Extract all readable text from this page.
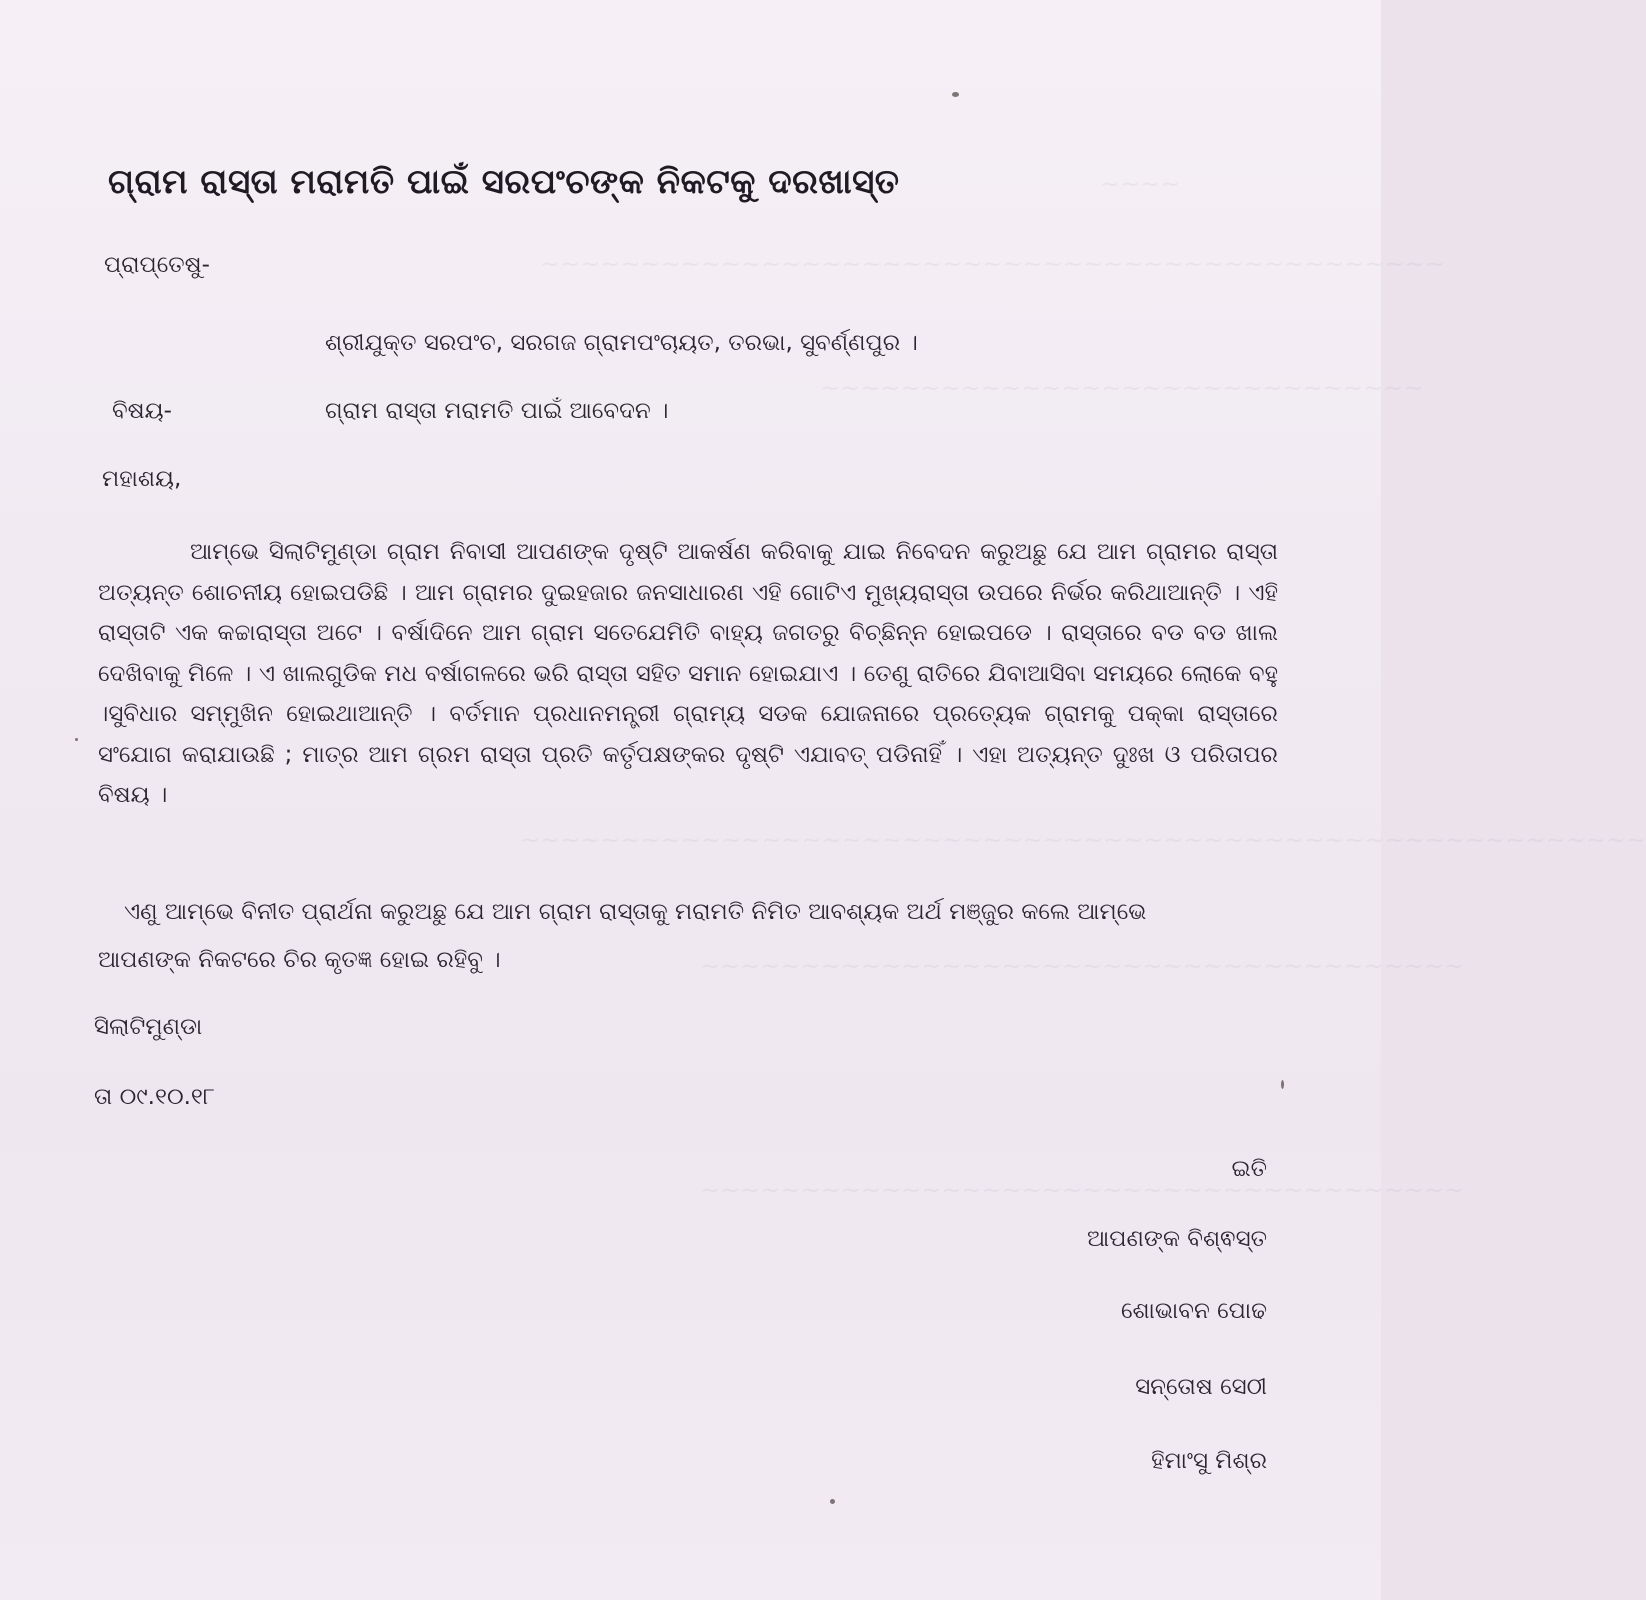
~~~~
~~~~~~~~~~~~~~~~~~~~~~~~~~~~~~~~~~~~~~~~~~~~~
~~~~~~~~~~~~~~~~~~~~~~~~~~~~~~
~~~~~~~~~~~~~~~~~~~~~~~~~~~~~~~~~~~~~~~~~~~~~~~~~~~~~~~~
~~~~~~~~~~~~~~~~~~~~~~~~~~~~~~~~~~~~~~
~~~~~~~~~~~~~~~~~~~~~~~~~~~~~~~~~~~~~~
ଗ୍ରାମ ରାସ୍ତା ମରାମତି ପାଇଁ ସରପଂଚଙ୍କ ନିକଟକୁ ଦରଖାସ୍ତ
ପ୍ରାପ୍ତେଷୁ-
ଶ୍ରୀଯୁକ୍ତ ସରପଂଚ, ସରଗଜ ଗ୍ରାମପଂଚାୟତ, ତରଭା, ସୁବର୍ଣ୍ଣପୁର ।
ବିଷୟ-	ଗ୍ରାମ ରାସ୍ତା ମରାମତି ପାଇଁ ଆବେଦନ ।
ମହାଶୟ,
ଆମ୍ଭେ ସିଲାଟିମୁଣ୍ଡା ଗ୍ରାମ ନିବାସୀ ଆପଣଙ୍କ ଦୃଷ୍ଟି ଆକର୍ଷଣ କରିବାକୁ ଯାଇ ନିବେଦନ କରୁଅଛୁ ଯେ ଆମ ଗ୍ରାମର ରାସ୍ତା ଅତ୍ୟନ୍ତ ଶୋଚନୀୟ ହୋଇପଡିଛି । ଆମ ଗ୍ରାମର ଦୁଇହଜାର ଜନସାଧାରଣ ଏହି ଗୋଟିଏ ମୁଖ୍ୟରାସ୍ତା ଉପରେ ନିର୍ଭର କରିଥାଆନ୍ତି । ଏହି ରାସ୍ତାଟି ଏକ କଚ୍ଚାରାସ୍ତା ଅଟେ । ବର୍ଷାଦିନେ ଆମ ଗ୍ରାମ ସତେଯେମିତି ବାହ୍ୟ ଜଗତରୁ ବିଚ୍ଛିନ୍ନ ହୋଇପଡେ । ରାସ୍ତାରେ ବଡ ବଡ ଖାଲ ଦେଖିବାକୁ ମିଳେ । ଏ ଖାଲଗୁଡିକ ମଧ ବର୍ଷାଗଳରେ ଭରି ରାସ୍ତା ସହିତ ସମାନ ହୋଇଯାଏ । ତେଣୁ ରାତିରେ ଯିବାଆସିବା ସମୟରେ ଲୋକେ ବହୁ ।ସୁବିଧାର ସମ୍ମୁଖିନ ହୋଇଥାଆନ୍ତି । ବର୍ତମାନ ପ୍ରଧାନମନ୍ତ୍ରୀ ଗ୍ରାମ୍ୟ ସଡକ ଯୋଜନାରେ ପ୍ରତ୍ୟେକ ଗ୍ରାମକୁ ପକ୍କା ରାସ୍ତାରେ ସଂଯୋଗ କରାଯାଉଛି ; ମାତ୍ର ଆମ ଗ୍ରମ ରାସ୍ତା ପ୍ରତି କର୍ତୃପକ୍ଷଙ୍କର ଦୃଷ୍ଟି ଏଯାବତ୍ ପଡିନାହିଁ । ଏହା ଅତ୍ୟନ୍ତ ଦୁଃଖ ଓ ପରିତାପର ବିଷୟ ।
ଏଣୁ ଆମ୍ଭେ ବିନୀତ ପ୍ରାର୍ଥନା କରୁଅଛୁ ଯେ ଆମ ଗ୍ରାମ ରାସ୍ତାକୁ ମରାମତି ନିମିତ ଆବଶ୍ୟକ ଅର୍ଥ ମଞ୍ଜୁର କଲେ ଆମ୍ଭେ ଆପଣଙ୍କ ନିକଟରେ ଚିର କୃତଜ୍ଞ ହୋଇ ରହିବୁ ।
ସିଲାଟିମୁଣ୍ଡା
ତା ୦୯.୧୦.୧୮
ଇତି
ଆପଣଙ୍କ ବିଶ୍ଵସ୍ତ
ଶୋଭାବନ ପୋଢ
ସନ୍ତୋଷ ସେଠୀ
ହିମାଂସୁ ମିଶ୍ର
